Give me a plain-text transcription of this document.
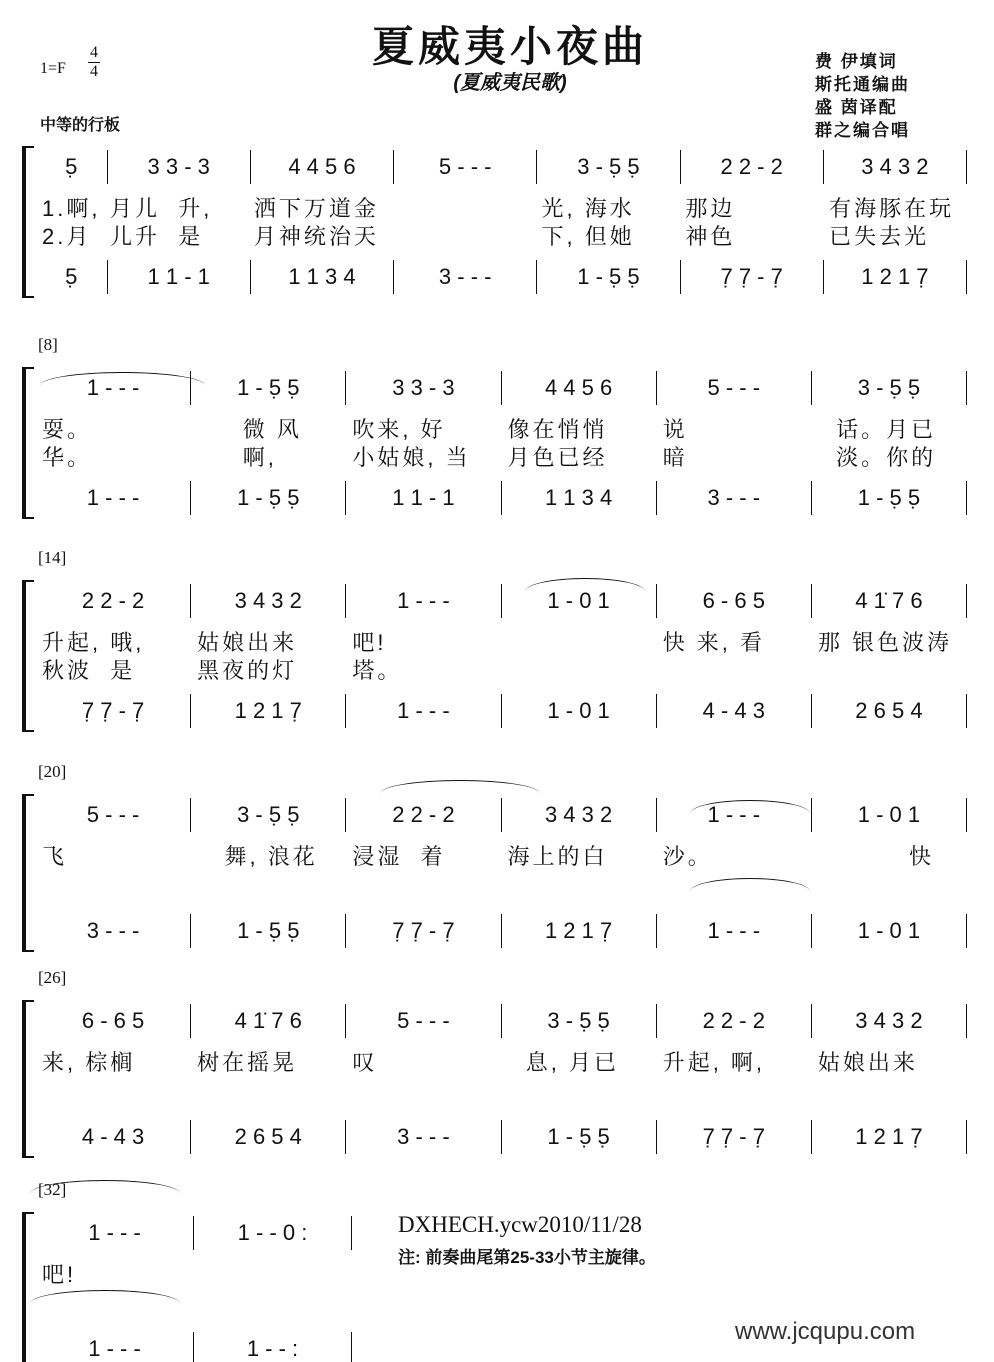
1=F
4
4
夏威夷小夜曲
(夏威夷民歌)
中等的行板
费 伊填词
斯托通编曲
盛 茵译配
群之编合唱
5̣	3 3 - 3	4 4 5 6	5 - - -	3 - 5̣ 5̣	2 2 - 2	3 4 3 2
1.啊, 月儿  升,	洒下万道金	光, 海水	那边	有海豚在玩
2.月 儿升  是	月神统治天	下, 但她	神色	已失去光
5̣	1 1 - 1	1 1 3 4	3 - - -	1 - 5̣ 5̣	7̣ 7̣ - 7̣	1 2 1 7̣
[8]
1 - - -	1 - 5̣ 5̣	3 3 - 3	4 4 5 6	5 - - -	3 - 5̣ 5̣
耍。	微 风	吹来, 好	像在悄悄	说	话。月已
华。	啊,	小姑娘, 当	月色已经	暗	淡。你的
1 - - -	1 - 5̣ 5̣	1 1 - 1	1 1 3 4	3 - - -	1 - 5̣ 5̣
[14]
2 2 - 2	3 4 3 2	1 - - -	1 - 0 1	6 - 6 5	4 1̇ 7 6
升起, 哦,	姑娘出来	吧!	快 来, 看	那 银色波涛
秋波  是	黑夜的灯	塔。
7̣ 7̣ - 7̣	1 2 1 7̣	1 - - -	1 - 0 1	4 - 4 3	2 6 5 4
[20]
5 - - -	3 - 5̣ 5̣	2 2 - 2	3 4 3 2	1 - - -	1 - 0 1
飞	舞, 浪花	浸湿  着	海上的白	沙。	快
3 - - -	1 - 5̣ 5̣	7̣ 7̣ - 7̣	1 2 1 7̣	1 - - -	1 - 0 1
[26]
6 - 6 5	4 1̇ 7 6	5 - - -	3 - 5̣ 5̣	2 2 - 2	3 4 3 2
来, 棕榈	树在摇晃	叹	息, 月已	升起, 啊,	姑娘出来
4 - 4 3	2 6 5 4	3 - - -	1 - 5̣ 5̣	7̣ 7̣ - 7̣	1 2 1 7̣
[32]
1 - - -	1 - - 0 :
吧!
1 - - -	1 - - :
DXHECH.ycw2010/11/28
注: 前奏曲尾第25-33小节主旋律。
www.jcqupu.com
